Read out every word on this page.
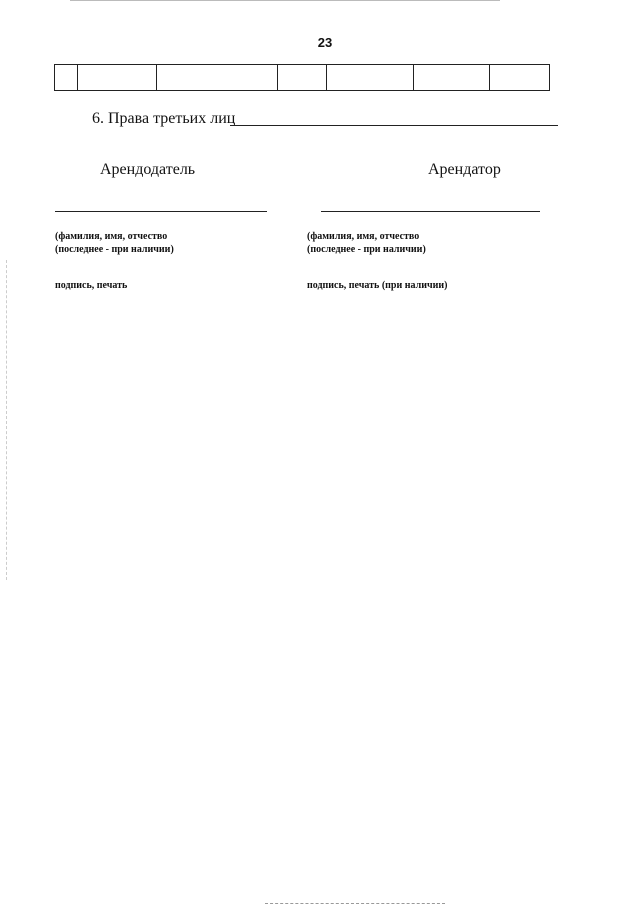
23

6. Права третьих лиц
Арендодатель	Арендатор
(фамилия, имя, отчество
(последнее - при наличии)
(фамилия, имя, отчество
(последнее - при наличии)
подпись, печать	подпись, печать (при наличии)
